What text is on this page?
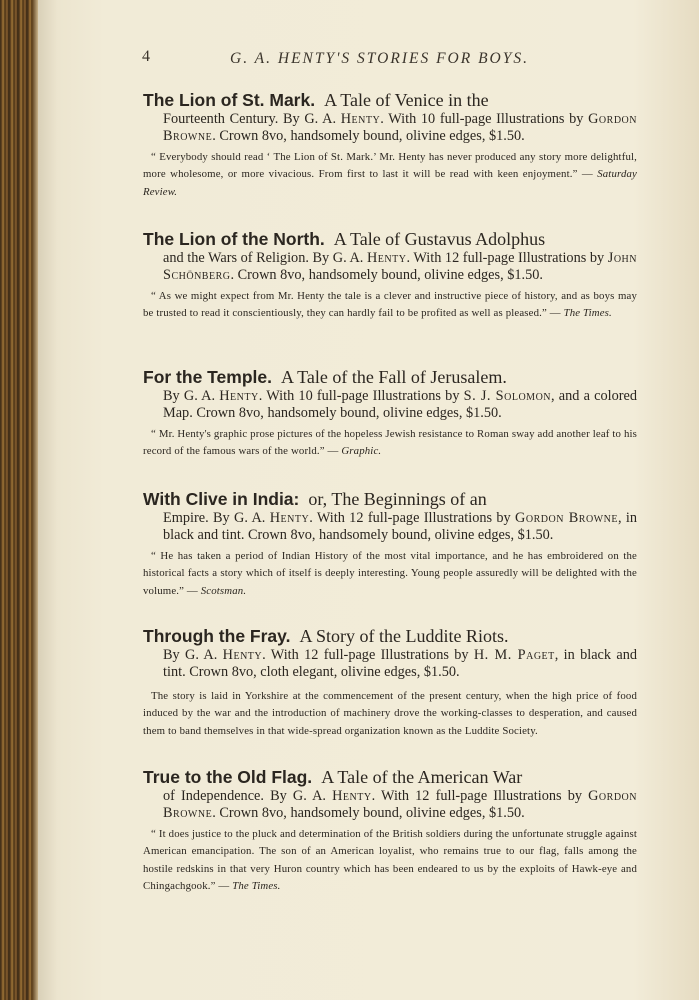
4	G. A. HENTY'S STORIES FOR BOYS.
The Lion of St. Mark. A Tale of Venice in the
Fourteenth Century. By G. A. Henty. With 10 full-page Illustrations by Gordon Browne. Crown 8vo, handsomely bound, olivine edges, $1.50.
“ Everybody should read ‘ The Lion of St. Mark.’ Mr. Henty has never produced any story more delightful, more wholesome, or more vivacious. From first to last it will be read with keen enjoyment.” — Saturday Review.
The Lion of the North. A Tale of Gustavus Adolphus
and the Wars of Religion. By G. A. Henty. With 12 full-page Illustrations by John Schönberg. Crown 8vo, handsomely bound, olivine edges, $1.50.
“ As we might expect from Mr. Henty the tale is a clever and instructive piece of history, and as boys may be trusted to read it conscientiously, they can hardly fail to be profited as well as pleased.” — The Times.
For the Temple. A Tale of the Fall of Jerusalem.
By G. A. Henty. With 10 full-page Illustrations by S. J. Solomon, and a colored Map. Crown 8vo, handsomely bound, olivine edges, $1.50.
“ Mr. Henty's graphic prose pictures of the hopeless Jewish resistance to Roman sway add another leaf to his record of the famous wars of the world.” — Graphic.
With Clive in India: or, The Beginnings of an
Empire. By G. A. Henty. With 12 full-page Illustrations by Gordon Browne, in black and tint. Crown 8vo, handsomely bound, olivine edges, $1.50.
“ He has taken a period of Indian History of the most vital importance, and he has embroidered on the historical facts a story which of itself is deeply interesting. Young people assuredly will be delighted with the volume.” — Scotsman.
Through the Fray. A Story of the Luddite Riots.
By G. A. Henty. With 12 full-page Illustrations by H. M. Paget, in black and tint. Crown 8vo, cloth elegant, olivine edges, $1.50.
The story is laid in Yorkshire at the commencement of the present century, when the high price of food induced by the war and the introduction of machinery drove the working-classes to desperation, and caused them to band themselves in that wide-spread organization known as the Luddite Society.
True to the Old Flag. A Tale of the American War
of Independence. By G. A. Henty. With 12 full-page Illustrations by Gordon Browne. Crown 8vo, handsomely bound, olivine edges, $1.50.
“ It does justice to the pluck and determination of the British soldiers during the unfortunate struggle against American emancipation. The son of an American loyalist, who remains true to our flag, falls among the hostile redskins in that very Huron country which has been endeared to us by the exploits of Hawk-eye and Chingachgook.” — The Times.
